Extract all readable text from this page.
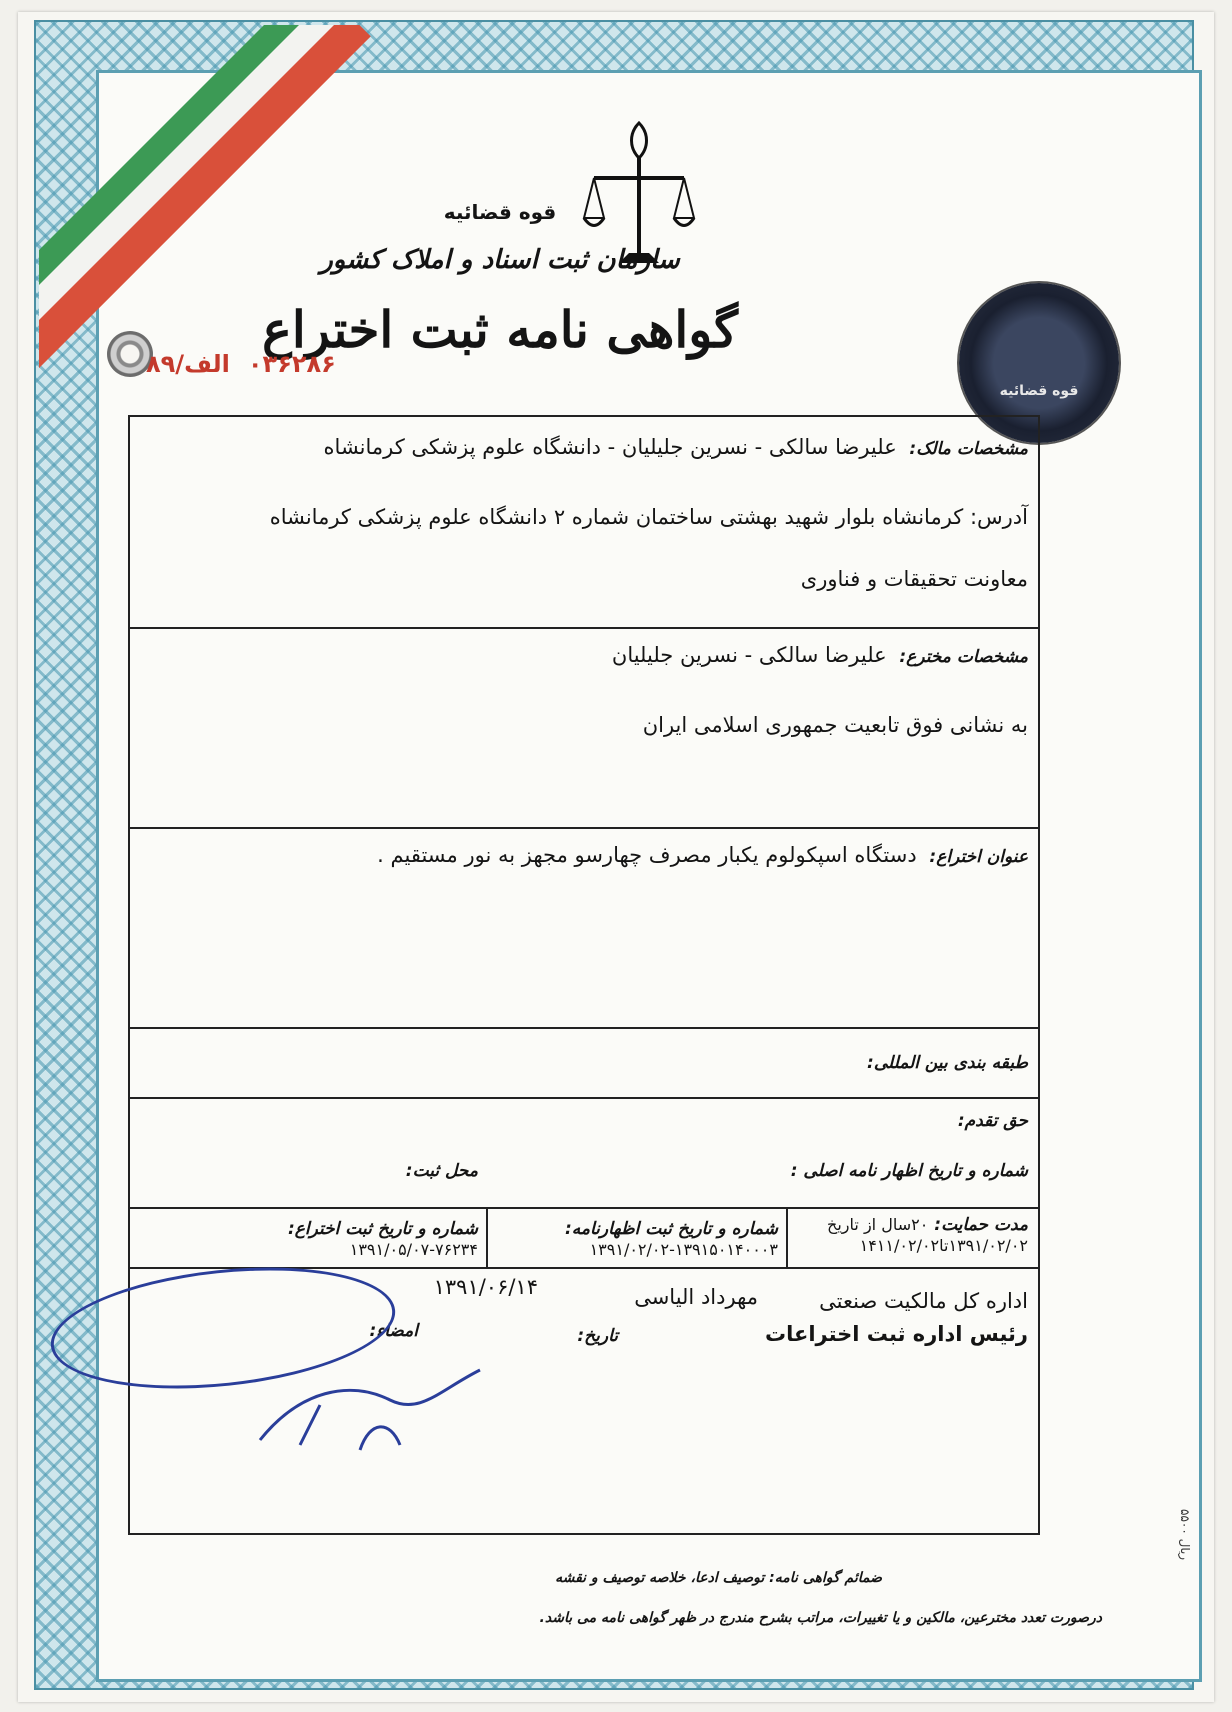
قوه قضائیه
قوه قضائیه
سازمان ثبت اسناد و املاک کشور
گواهی نامه ثبت اختراع
۰۳۶۲۸۶الف/۸۹
مشخصات مالک: علیرضا سالکی - نسرین جلیلیان - دانشگاه علوم پزشکی کرمانشاه
آدرس: کرمانشاه بلوار شهید بهشتی ساختمان شماره ۲ دانشگاه علوم پزشکی کرمانشاه
معاونت تحقیقات و فناوری
مشخصات مخترع: علیرضا سالکی - نسرین جلیلیان
به نشانی فوق تابعیت جمهوری اسلامی ایران
عنوان اختراع: دستگاه اسپکولوم یکبار مصرف چهارسو مجهز به نور مستقیم .
طبقه بندی بین المللی:
حق تقدم:
شماره و تاریخ اظهار نامه اصلی :
محل ثبت:
مدت حمایت:۲۰سال از تاریخ
۱۳۹۱/۰۲/۰۲تا۱۴۱۱/۰۲/۰۲
شماره و تاریخ ثبت اظهارنامه:
۱۳۹۱/۰۲/۰۲-۱۳۹۱۵۰۱۴۰۰۰۳
شماره و تاریخ ثبت اختراع:
۱۳۹۱/۰۵/۰۷-۷۶۲۳۴
اداره کل مالکیت صنعتی
رئیس اداره ثبت اختراعات
مهرداد الیاسی
تاریخ:
۱۳۹۱/۰۶/۱۴
امضاء:
ضمائم گواهی نامه: توصیف ادعا، خلاصه توصیف و نقشه
درصورت تعدد مخترعین، مالکین و یا تغییرات، مراتب بشرح مندرج در ظهر گواهی نامه می باشد.
ریال ۵۵۰۰
